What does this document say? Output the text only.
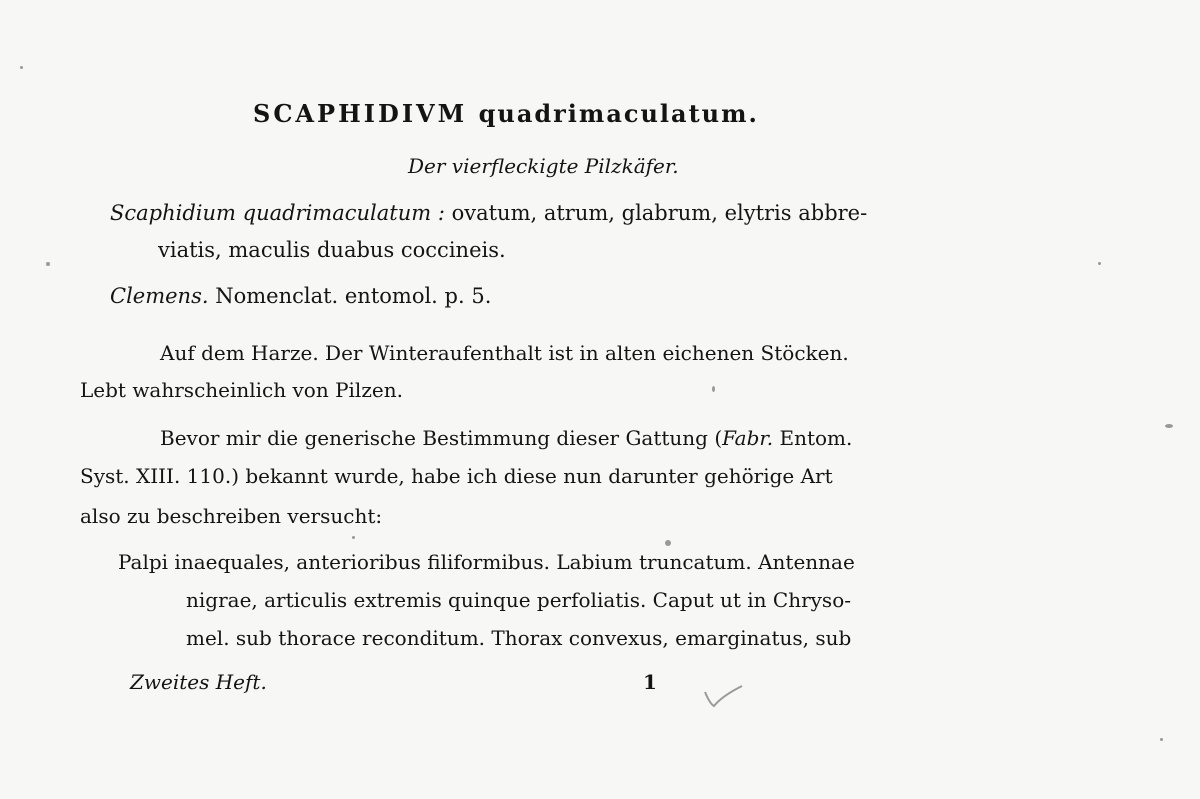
SCAPHIDIVM quadrimaculatum.
Der vierfleckigte Pilzkäfer.
Scaphidium quadrimaculatum : ovatum, atrum, glabrum, elytris abbre-
viatis, maculis duabus coccineis.
Clemens. Nomenclat. entomol. p. 5.
Auf dem Harze. Der Winteraufenthalt ist in alten eichenen Stöcken.
Lebt wahrscheinlich von Pilzen.
Bevor mir die generische Bestimmung dieser Gattung (Fabr. Entom.
Syst. XIII. 110.) bekannt wurde, habe ich diese nun darunter gehörige Art
also zu beschreiben versucht:
Palpi inaequales, anterioribus filiformibus. Labium truncatum. Antennae
nigrae, articulis extremis quinque perfoliatis. Caput ut in Chryso-
mel. sub thorace reconditum. Thorax convexus, emarginatus, sub
Zweites Heft.	1
